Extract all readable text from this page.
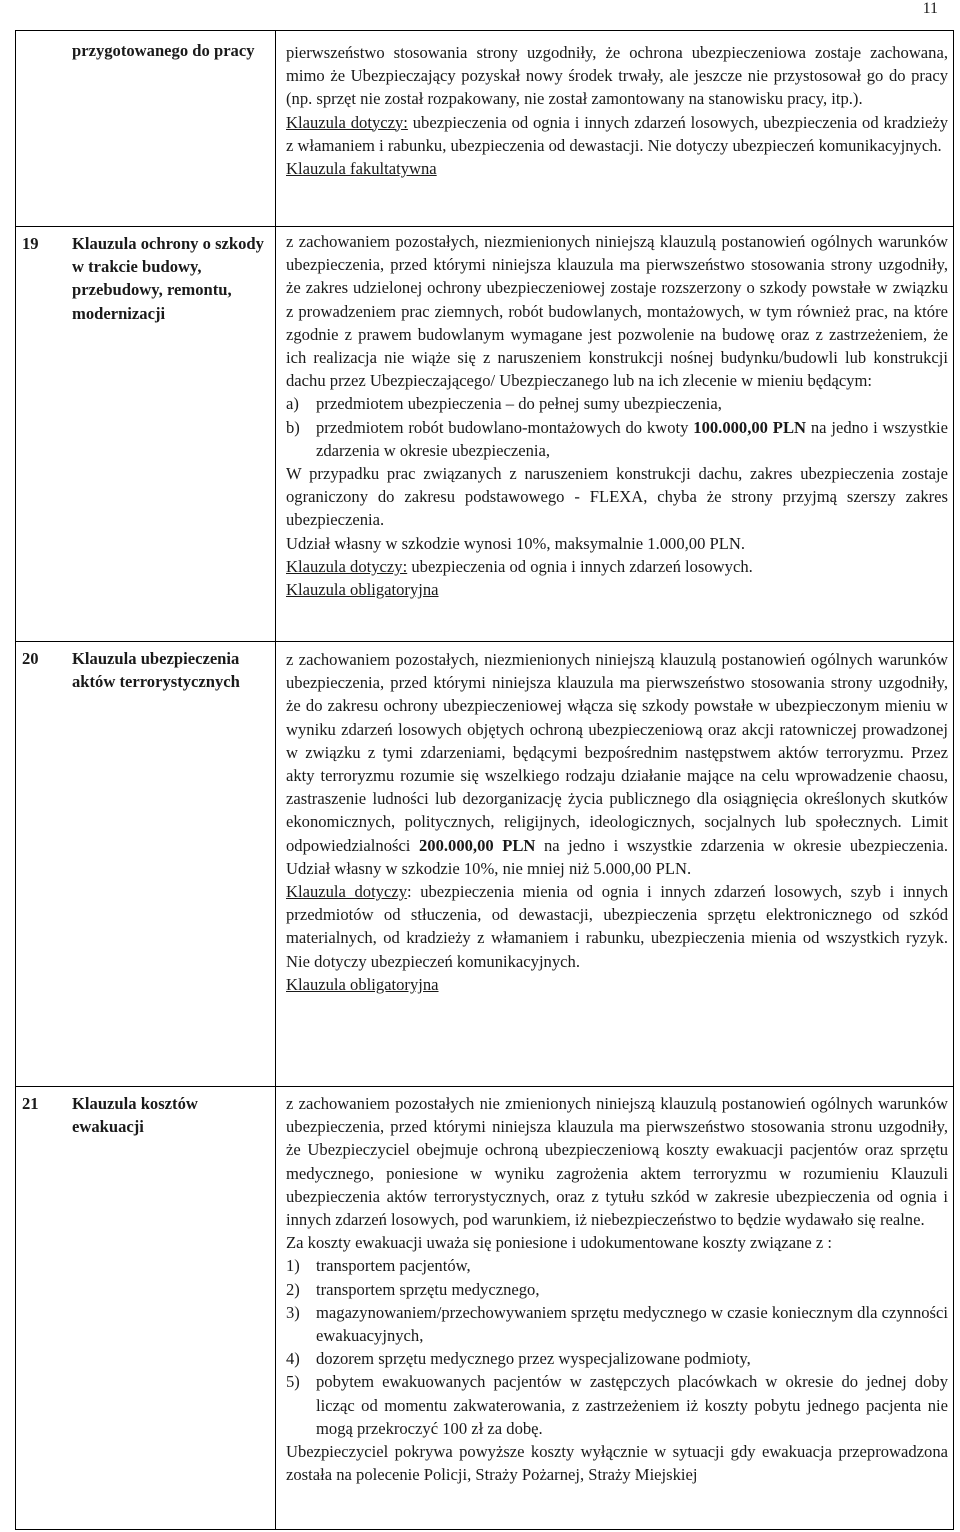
11
przygotowanego do pracy	pierwszeństwo stosowania strony uzgodniły, że ochrona ubezpieczeniowa zostaje zachowana, mimo że Ubezpieczający pozyskał nowy środek trwały, ale jeszcze nie przystosował go do pracy (np. sprzęt nie został rozpakowany, nie został zamontowany na stanowisku pracy, itp.).

Klauzula dotyczy: ubezpieczenia od ognia i innych zdarzeń losowych, ubezpieczenia od kradzieży z włamaniem i rabunku, ubezpieczenia od dewastacji. Nie dotyczy ubezpieczeń komunikacyjnych.

Klauzula fakultatywna

19 Klauzula ochrony o szkody w trakcie budowy, przebudowy, remontu, modernizacji

z zachowaniem pozostałych, niezmienionych niniejszą klauzulą postanowień ogólnych warunków ubezpieczenia, przed którymi niniejsza klauzula ma pierwszeństwo stosowania strony uzgodniły, że zakres udzielonej ochrony ubezpieczeniowej zostaje rozszerzony o szkody powstałe w związku z prowadzeniem prac ziemnych, robót budowlanych, montażowych, w tym również prac, na które zgodnie z prawem budowlanym wymagane jest pozwolenie na budowę oraz z zastrzeżeniem, że ich realizacja nie wiąże się z naruszeniem konstrukcji nośnej budynku/budowli lub konstrukcji dachu przez Ubezpieczającego/ Ubezpieczanego lub na ich zlecenie w mieniu będącym:

a)	przedmiotem ubezpieczenia – do pełnej sumy ubezpieczenia,
b) przedmiotem robót budowlano-montażowych do kwoty 100.000,00 PLN na jedno i wszystkie zdarzenia w okresie ubezpieczenia,

W przypadku prac związanych z naruszeniem konstrukcji dachu, zakres ubezpieczenia zostaje ograniczony do zakresu podstawowego - FLEXA, chyba że strony przyjmą szerszy zakres ubezpieczenia.

Udział własny w szkodzie wynosi 10%, maksymalnie 1.000,00 PLN.

Klauzula dotyczy: ubezpieczenia od ognia i innych zdarzeń losowych.

Klauzula obligatoryjna

20 Klauzula ubezpieczenia aktów terrorystycznych

z zachowaniem pozostałych, niezmienionych niniejszą klauzulą postanowień ogólnych warunków ubezpieczenia, przed którymi niniejsza klauzula ma pierwszeństwo stosowania strony uzgodniły, że do zakresu ochrony ubezpieczeniowej włącza się szkody powstałe w ubezpieczonym mieniu w wyniku zdarzeń losowych objętych ochroną ubezpieczeniową oraz akcji ratowniczej prowadzonej w związku z tymi zdarzeniami, będącymi bezpośrednim następstwem aktów terroryzmu. Przez akty terroryzmu rozumie się wszelkiego rodzaju działanie mające na celu wprowadzenie chaosu, zastraszenie ludności lub dezorganizację życia publicznego dla osiągnięcia określonych skutków ekonomicznych, politycznych, religijnych, ideologicznych, socjalnych lub społecznych. Limit odpowiedzialności 200.000,00 PLN na jedno i wszystkie zdarzenia w okresie ubezpieczenia. Udział własny w szkodzie 10%, nie mniej niż 5.000,00 PLN.

Klauzula dotyczy: ubezpieczenia mienia od ognia i innych zdarzeń losowych, szyb i innych przedmiotów od stłuczenia, od dewastacji, ubezpieczenia sprzętu elektronicznego od szkód materialnych, od kradzieży z włamaniem i rabunku, ubezpieczenia mienia od wszystkich ryzyk. Nie dotyczy ubezpieczeń komunikacyjnych.

Klauzula obligatoryjna

21 Klauzula kosztów ewakuacji

z zachowaniem pozostałych nie zmienionych niniejszą klauzulą postanowień ogólnych warunków ubezpieczenia, przed którymi niniejsza klauzula ma pierwszeństwo stosowania stronu uzgodniły, że Ubezpieczyciel obejmuje ochroną ubezpieczeniową koszty ewakuacji pacjentów oraz sprzętu medycznego, poniesione w wyniku zagrożenia aktem terroryzmu w rozumieniu Klauzuli ubezpieczenia aktów terrorystycznych, oraz z tytułu szkód w zakresie ubezpieczenia od ognia i innych zdarzeń losowych, pod warunkiem, iż niebezpieczeństwo to będzie wydawało się realne.

Za koszty ewakuacji uważa się poniesione i udokumentowane koszty związane z :

1) transportem pacjentów,
2) transportem sprzętu medycznego,
3) magazynowaniem/przechowywaniem sprzętu medycznego w czasie koniecznym dla czynności ewakuacyjnych,
4) dozorem sprzętu medycznego przez wyspecjalizowane podmioty,
5) pobytem ewakuowanych pacjentów w zastępczych placówkach w okresie do jednej doby licząc od momentu zakwaterowania, z zastrzeżeniem iż koszty pobytu jednego pacjenta nie mogą przekroczyć 100 zł za dobę.

Ubezpieczyciel pokrywa powyższe koszty wyłącznie w sytuacji gdy ewakuacja przeprowadzona została na polecenie Policji, Straży Pożarnej, Straży Miejskiej
